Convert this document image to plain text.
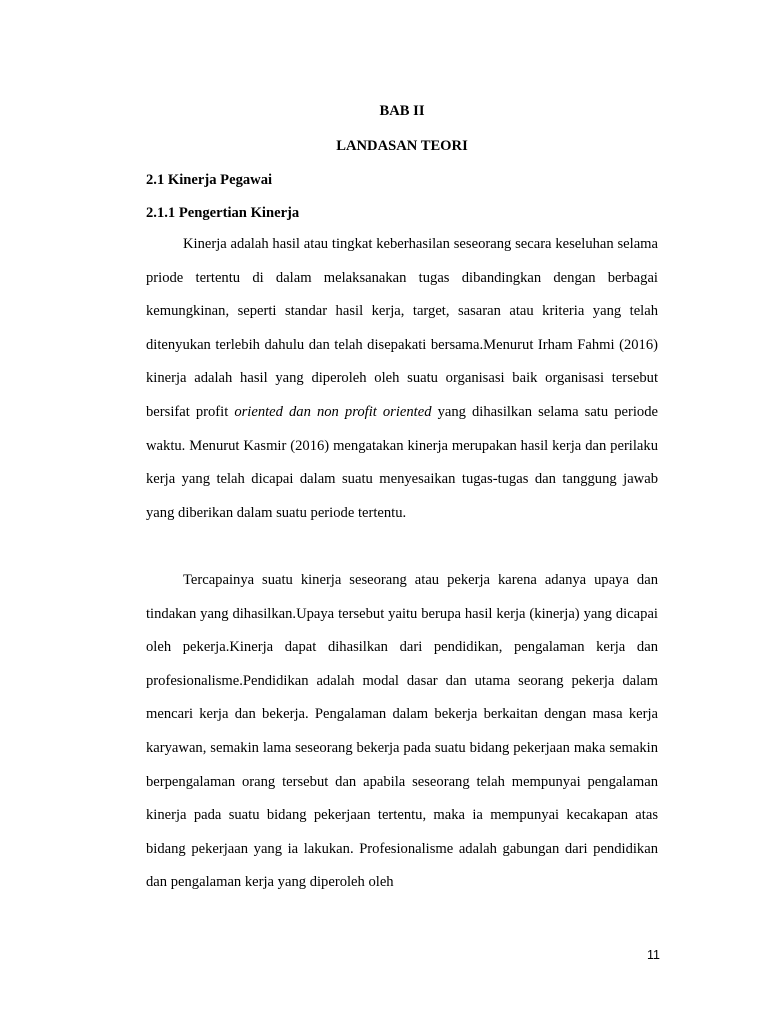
BAB II

LANDASAN TEORI

2.1 Kinerja Pegawai

2.1.1 Pengertian Kinerja

Kinerja adalah hasil atau tingkat keberhasilan seseorang secara keseluhan selama priode tertentu di dalam melaksanakan tugas dibandingkan dengan berbagai kemungkinan, seperti standar hasil kerja, target, sasaran atau kriteria yang telah ditenyukan terlebih dahulu dan telah disepakati bersama.Menurut Irham Fahmi (2016) kinerja adalah hasil yang diperoleh oleh suatu organisasi baik organisasi tersebut bersifat profit oriented dan non profit oriented yang dihasilkan selama satu periode waktu. Menurut Kasmir (2016) mengatakan kinerja merupakan hasil kerja dan perilaku kerja yang telah dicapai dalam suatu menyesaikan tugas-tugas dan tanggung jawab yang diberikan dalam suatu periode tertentu.

Tercapainya suatu kinerja seseorang atau pekerja karena adanya upaya dan tindakan yang dihasilkan.Upaya tersebut yaitu berupa hasil kerja (kinerja) yang dicapai oleh pekerja.Kinerja dapat dihasilkan dari pendidikan, pengalaman kerja dan profesionalisme.Pendidikan adalah modal dasar dan utama seorang pekerja dalam mencari kerja dan bekerja. Pengalaman dalam bekerja berkaitan dengan masa kerja karyawan, semakin lama seseorang bekerja pada suatu bidang pekerjaan maka semakin berpengalaman orang tersebut dan apabila seseorang telah mempunyai pengalaman kinerja pada suatu bidang pekerjaan tertentu, maka ia mempunyai kecakapan atas bidang pekerjaan yang ia lakukan. Profesionalisme adalah gabungan dari pendidikan dan pengalaman kerja yang diperoleh oleh

11
